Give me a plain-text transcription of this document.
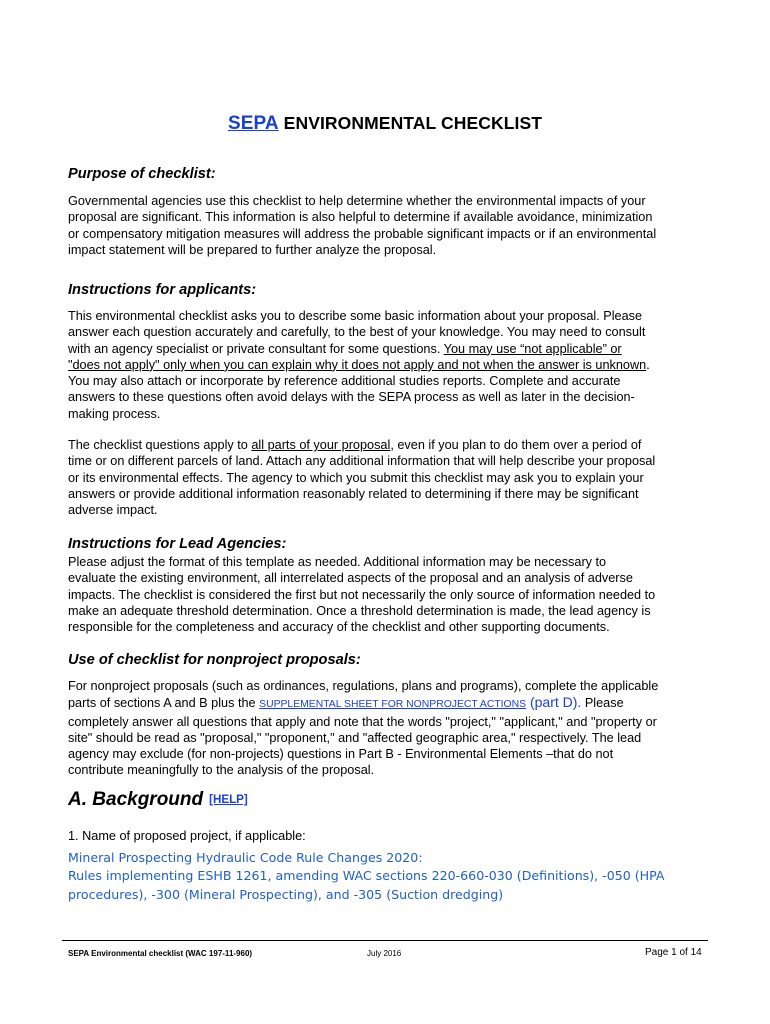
SEPA ENVIRONMENTAL CHECKLIST
Purpose of checklist:
Governmental agencies use this checklist to help determine whether the environmental impacts of your
proposal are significant. This information is also helpful to determine if available avoidance, minimization
or compensatory mitigation measures will address the probable significant impacts or if an environmental
impact statement will be prepared to further analyze the proposal.
Instructions for applicants:
This environmental checklist asks you to describe some basic information about your proposal. Please
answer each question accurately and carefully, to the best of your knowledge. You may need to consult
with an agency specialist or private consultant for some questions. You may use “not applicable” or
"does not apply" only when you can explain why it does not apply and not when the answer is unknown.
You may also attach or incorporate by reference additional studies reports. Complete and accurate
answers to these questions often avoid delays with the SEPA process as well as later in the decision-
making process.
The checklist questions apply to all parts of your proposal, even if you plan to do them over a period of
time or on different parcels of land. Attach any additional information that will help describe your proposal
or its environmental effects. The agency to which you submit this checklist may ask you to explain your
answers or provide additional information reasonably related to determining if there may be significant
adverse impact.
Instructions for Lead Agencies:
Please adjust the format of this template as needed. Additional information may be necessary to
evaluate the existing environment, all interrelated aspects of the proposal and an analysis of adverse
impacts. The checklist is considered the first but not necessarily the only source of information needed to
make an adequate threshold determination. Once a threshold determination is made, the lead agency is
responsible for the completeness and accuracy of the checklist and other supporting documents.
Use of checklist for nonproject proposals:
For nonproject proposals (such as ordinances, regulations, plans and programs), complete the applicable
parts of sections A and B plus the SUPPLEMENTAL SHEET FOR NONPROJECT ACTIONS (part D). Please
completely answer all questions that apply and note that the words "project," "applicant," and "property or
site" should be read as "proposal," "proponent," and "affected geographic area," respectively. The lead
agency may exclude (for non-projects) questions in Part B - Environmental Elements –that do not
contribute meaningfully to the analysis of the proposal.
A. Background [HELP]
1. Name of proposed project, if applicable:
Mineral Prospecting Hydraulic Code Rule Changes 2020:
Rules implementing ESHB 1261, amending WAC sections 220-660-030 (Definitions), -050 (HPA
procedures), -300 (Mineral Prospecting), and -305 (Suction dredging)
SEPA Environmental checklist (WAC 197-11-960)	July 2016	Page 1 of 14
